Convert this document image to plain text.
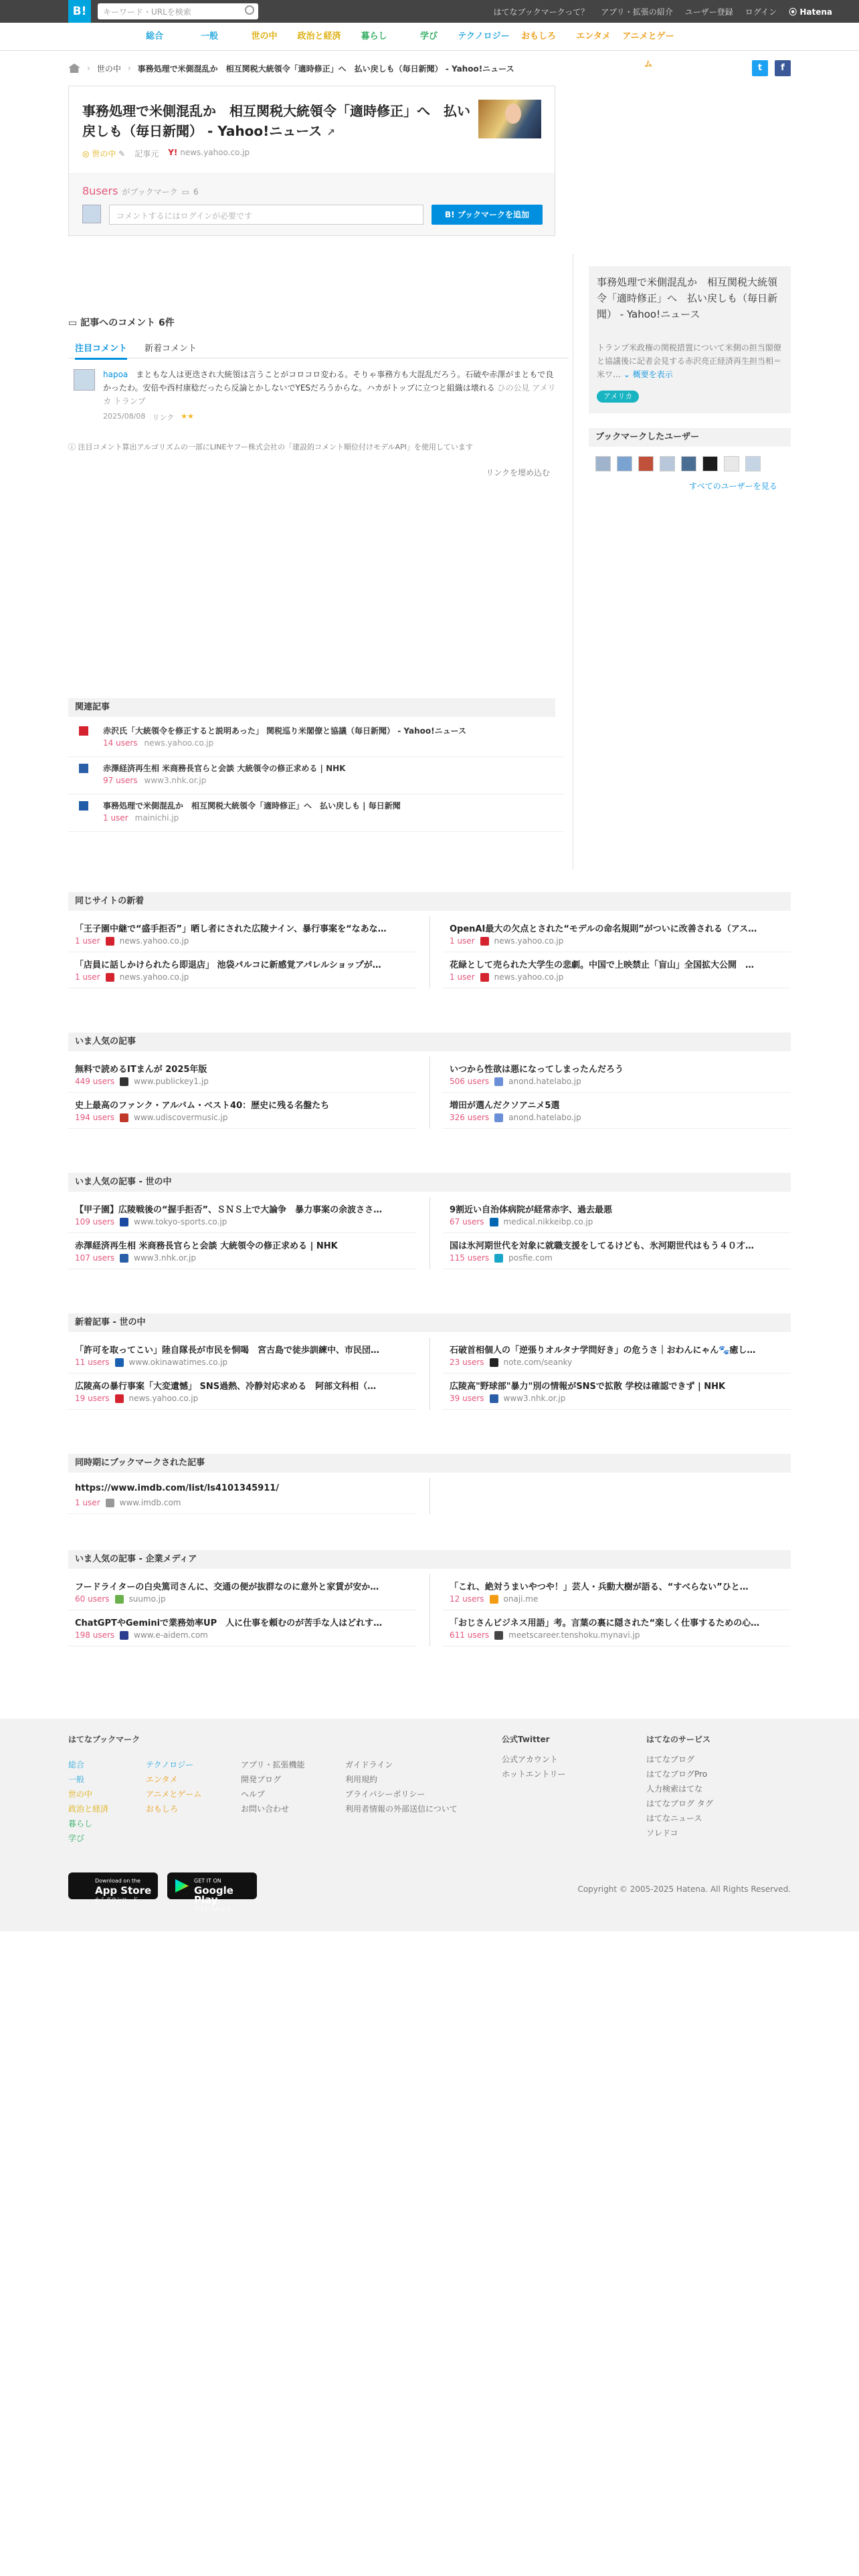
B!	キーワード・URLを検索	はてなブックマークって？ アプリ・拡張の紹介 ユーザー登録 ログイン ⦿ Hatena
総合	一般	世の中	政治と経済	暮らし	学び	テクノロジー	おもしろ	エンタメ	アニメとゲーム
› 世の中 › 事務処理で米側混乱か　相互関税大統領令「適時修正」へ　払い戻しも（毎日新聞） - Yahoo!ニュース	t	f
事務処理で米側混乱か　相互関税大統領令「適時修正」へ　払い戻しも（毎日新聞） - Yahoo!ニュース ↗
◎ 世の中 ✎ 記事元 Y! news.yahoo.co.jp
8users がブックマーク ▭ 6
コメントするにはログインが必要です	B! ブックマークを追加
事務処理で米側混乱か　相互関税大統領令「適時修正」へ　払い戻しも（毎日新聞） - Yahoo!ニュース
トランプ米政権の関税措置について米側の担当閣僚と協議後に記者会見する赤沢亮正経済再生担当相＝米ワ… ⌄ 概要を表示
アメリカ
ブックマークしたユーザー
すべてのユーザーを見る
▭ 記事へのコメント 6件
注目コメント 新着コメント
hapoa まともな人は更迭され大統領は言うことがコロコロ変わる。そりゃ事務方も大混乱だろう。石破や赤澤がまともで良かったわ。安倍や西村康稔だったら反論とかしないでYESだろうからな。ハカがトップに立つと組織は壊れる ひの公見 アメリカ トランプ
2025/08/08 リンク ★★
ⓘ 注目コメント算出アルゴリズムの一部にLINEヤフー株式会社の「建設的コメント順位付けモデルAPI」を使用しています
リンクを埋め込む
関連記事
赤沢氏「大統領令を修正すると説明あった」 関税巡り米閣僚と協議（毎日新聞） - Yahoo!ニュース
14 users news.yahoo.co.jp
赤澤経済再生相 米商務長官らと会談 大統領令の修正求める | NHK
97 users www3.nhk.or.jp
事務処理で米側混乱か　相互関税大統領令「適時修正」へ　払い戻しも | 毎日新聞
1 user mainichi.jp
同じサイトの新着
「王子園中継で“盛手拒否”」晒し者にされた広陵ナイン、暴行事案を“なあな…
1 user news.yahoo.co.jp
OpenAI最大の欠点とされた“モデルの命名規則”がついに改善される（アス…
1 user news.yahoo.co.jp
「店員に話しかけられたら即退店」 池袋パルコに新感覚アパレルショップが…
1 user news.yahoo.co.jp
花緑として売られた大学生の悲劇。中国で上映禁止「盲山」全国拡大公開　…
1 user news.yahoo.co.jp
いま人気の記事
無料で読めるITまんが 2025年版
449 users www.publickey1.jp
いつから性欲は悪になってしまったんだろう
506 users anond.hatelabo.jp
史上最高のファンク・アルバム・ベスト40：歴史に残る名盤たち
194 users www.udiscovermusic.jp
増田が選んだクソアニメ5選
326 users anond.hatelabo.jp
いま人気の記事 - 世の中
【甲子園】広陵戦後の“握手拒否”、ＳＮＳ上で大論争　暴力事案の余波ささ…
109 users www.tokyo-sports.co.jp
9割近い自治体病院が経常赤字、過去最悪
67 users medical.nikkeibp.co.jp
赤澤経済再生相 米商務長官らと会談 大統領令の修正求める | NHK
107 users www3.nhk.or.jp
国は氷河期世代を対象に就職支援をしてるけども、氷河期世代はもう４０才…
115 users posfie.com
新着記事 - 世の中
「許可を取ってこい」陸自隊長が市民を恫喝　宮古島で徒歩訓練中、市民団…
11 users www.okinawatimes.co.jp
石破首相個人の「逆張りオルタナ学問好き」の危うさ｜おわんにゃん🐾癒し…
23 users note.com/seanky
広陵高の暴行事案「大変遺憾」 SNS過熱、冷静対応求める　阿部文科相（…
19 users news.yahoo.co.jp
広陵高"野球部"暴力"別の情報がSNSで拡散 学校は確認できず | NHK
39 users www3.nhk.or.jp
同時期にブックマークされた記事
https://www.imdb.com/list/ls4101345911/
1 user www.imdb.com
いま人気の記事 - 企業メディア
フードライターの白央篤司さんに、交通の便が抜群なのに意外と家賃が安か…
60 users suumo.jp
「これ、絶対うまいやつや！」芸人・兵動大樹が語る、“すべらない”ひと…
12 users onaji.me
ChatGPTやGeminiで業務効率UP　人に仕事を頼むのが苦手な人はどれす…
198 users www.e-aidem.com
「おじさんビジネス用語」考。言葉の裏に隠された“楽しく仕事するための心…
611 users meetscareer.tenshoku.mynavi.jp
はてなブックマーク
総合
一般
世の中
政治と経済
暮らし
学び
テクノロジー
エンタメ
アニメとゲーム
おもしろ
アプリ・拡張機能
開発ブログ
ヘルプ
お問い合わせ
ガイドライン
利用規約
プライバシーポリシー
利用者情報の外部送信について
公式Twitter
公式アカウント
ホットエントリー
はてなのサービス
はてなブログ
はてなブログPro
人力検索はてな
はてなブログ タグ
はてなニュース
ソレドコ
Download on the
App Store
からダウンロード
GET IT ON
Google Play
で手に入れよう
Copyright © 2005-2025 Hatena. All Rights Reserved.
